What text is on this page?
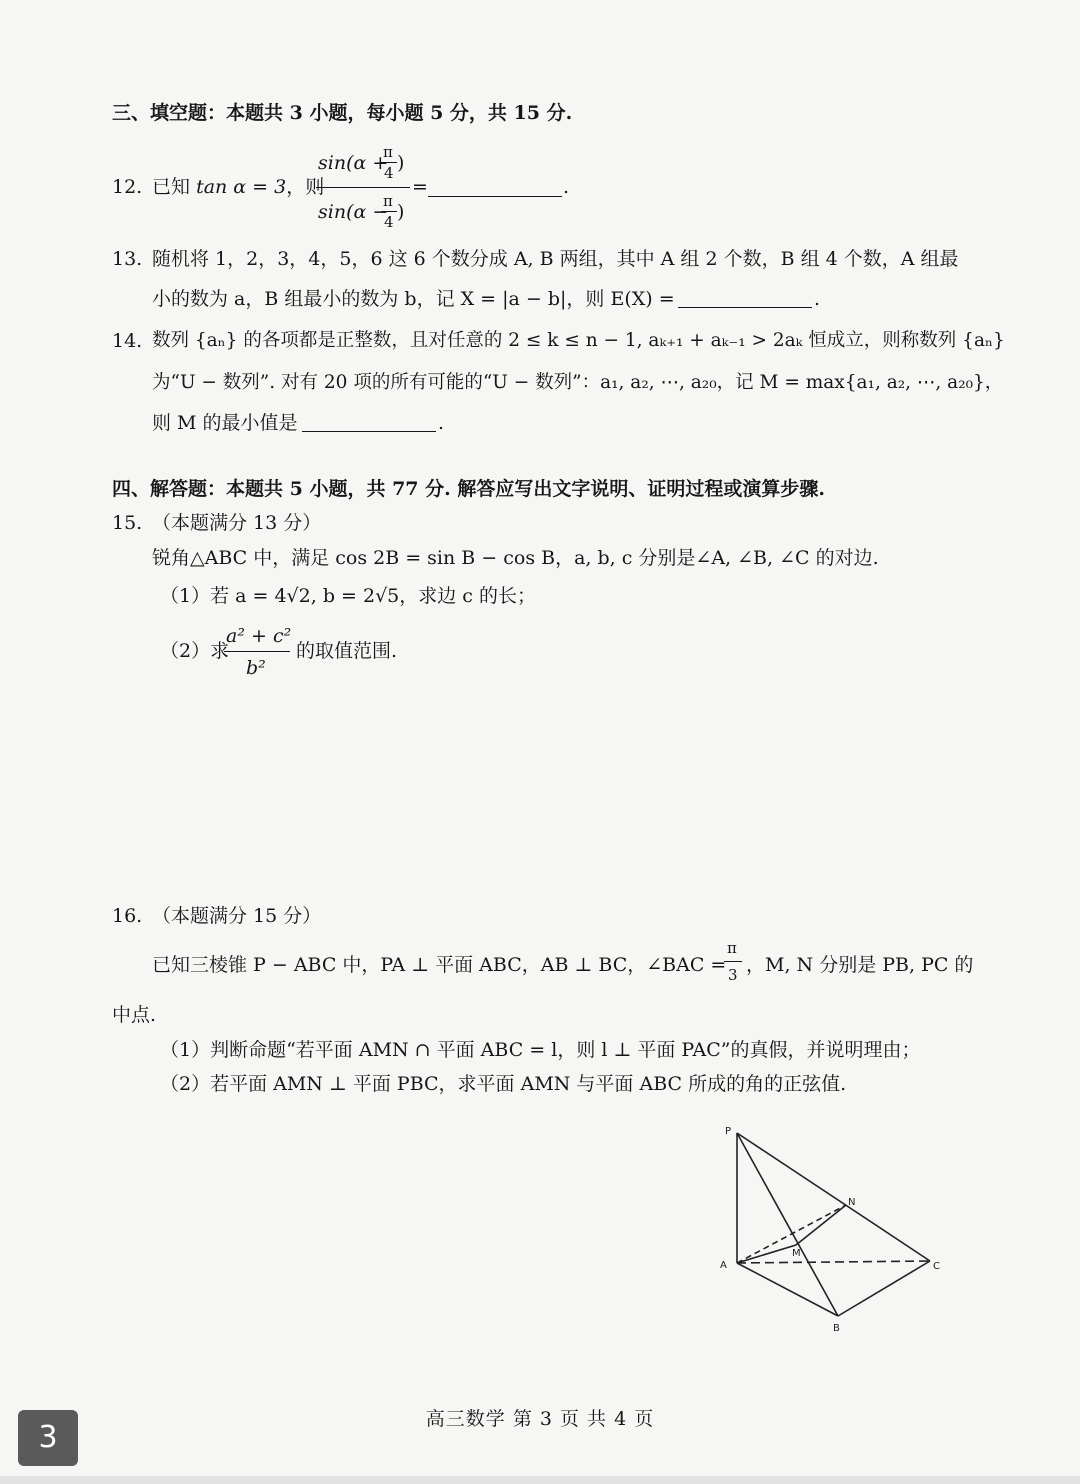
三、填空题：本题共 3 小题，每小题 5 分，共 15 分.
12. 已知 tan α = 3，则
sin(α +
π
4 )
sin(α −
π
4 )
=	.
13. 随机将 1，2，3，4，5，6 这 6 个数分成 A, B 两组，其中 A 组 2 个数，B 组 4 个数，A 组最
小的数为 a，B 组最小的数为 b，记 X = |a − b|，则 E(X) =	.
14. 数列 {aₙ} 的各项都是正整数，且对任意的 2 ≤ k ≤ n − 1, aₖ₊₁ + aₖ₋₁ > 2aₖ 恒成立，则称数列 {aₙ}
为“U − 数列”. 对有 20 项的所有可能的“U − 数列”：a₁, a₂, ⋯, a₂₀，记 M = max{a₁, a₂, ⋯, a₂₀}，
则 M 的最小值是	.
四、解答题：本题共 5 小题，共 77 分. 解答应写出文字说明、证明过程或演算步骤.
15. （本题满分 13 分）
锐角△ABC 中，满足 cos 2B = sin B − cos B，a, b, c 分别是∠A, ∠B, ∠C 的对边.
（1）若 a = 4√2, b = 2√5，求边 c 的长；
（2）求
a² + c²
b²
的取值范围.
16. （本题满分 15 分）
已知三棱锥 P − ABC 中，PA ⊥ 平面 ABC，AB ⊥ BC，∠BAC =
π
3 ，M, N 分别是 PB, PC 的
中点.
（1）判断命题“若平面 AMN ∩ 平面 ABC = l，则 l ⊥ 平面 PAC”的真假，并说明理由；
（2）若平面 AMN ⊥ 平面 PBC，求平面 AMN 与平面 ABC 所成的角的正弦值.
P
N
M
A	C
B
高三数学 第 3 页 共 4 页
3
